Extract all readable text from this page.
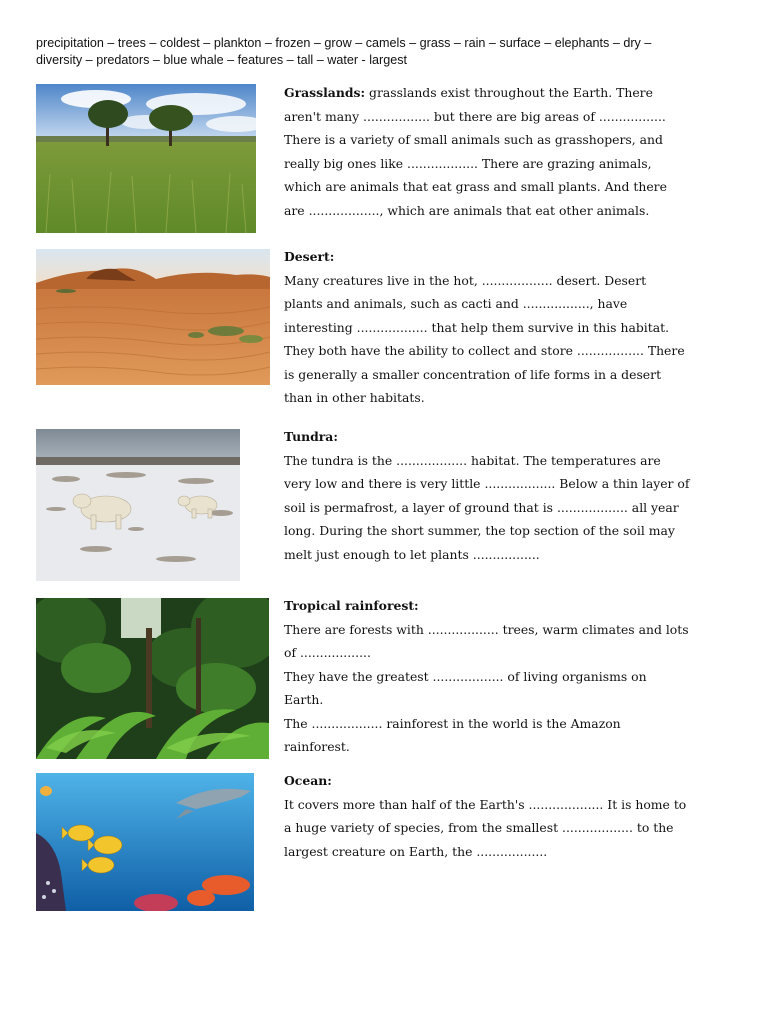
precipitation – trees – coldest – plankton – frozen – grow – camels – grass – rain – surface – elephants – dry –
diversity – predators – blue whale – features – tall – water - largest

Grasslands: grasslands exist throughout the Earth. There

aren't many ................. but there are big areas of .................

There is a variety of small animals such as grasshopers, and

really big ones like .................. There are grazing animals,

which are animals that eat grass and small plants. And there

are .................., which are animals that eat other animals.

Desert:

Many creatures live in the hot, .................. desert. Desert

plants and animals, such as cacti and ................., have

interesting .................. that help them survive in this habitat.

They both have the ability to collect and store ................. There

is generally a smaller concentration of life forms in a desert

than in other habitats.

Tundra:

The tundra is the .................. habitat. The temperatures are

very low and there is very little .................. Below a thin layer of

soil is permafrost, a layer of ground that is .................. all year

long. During the short summer, the top section of the soil may

melt just enough to let plants .................

Tropical rainforest:

There are forests with .................. trees, warm climates and lots

of ..................

They have the greatest .................. of living organisms on

Earth.

The .................. rainforest in the world is the Amazon

rainforest.

Ocean:

It covers more than half of the Earth's ................... It is home to

a huge variety of species, from the smallest .................. to the

largest creature on Earth, the ..................
